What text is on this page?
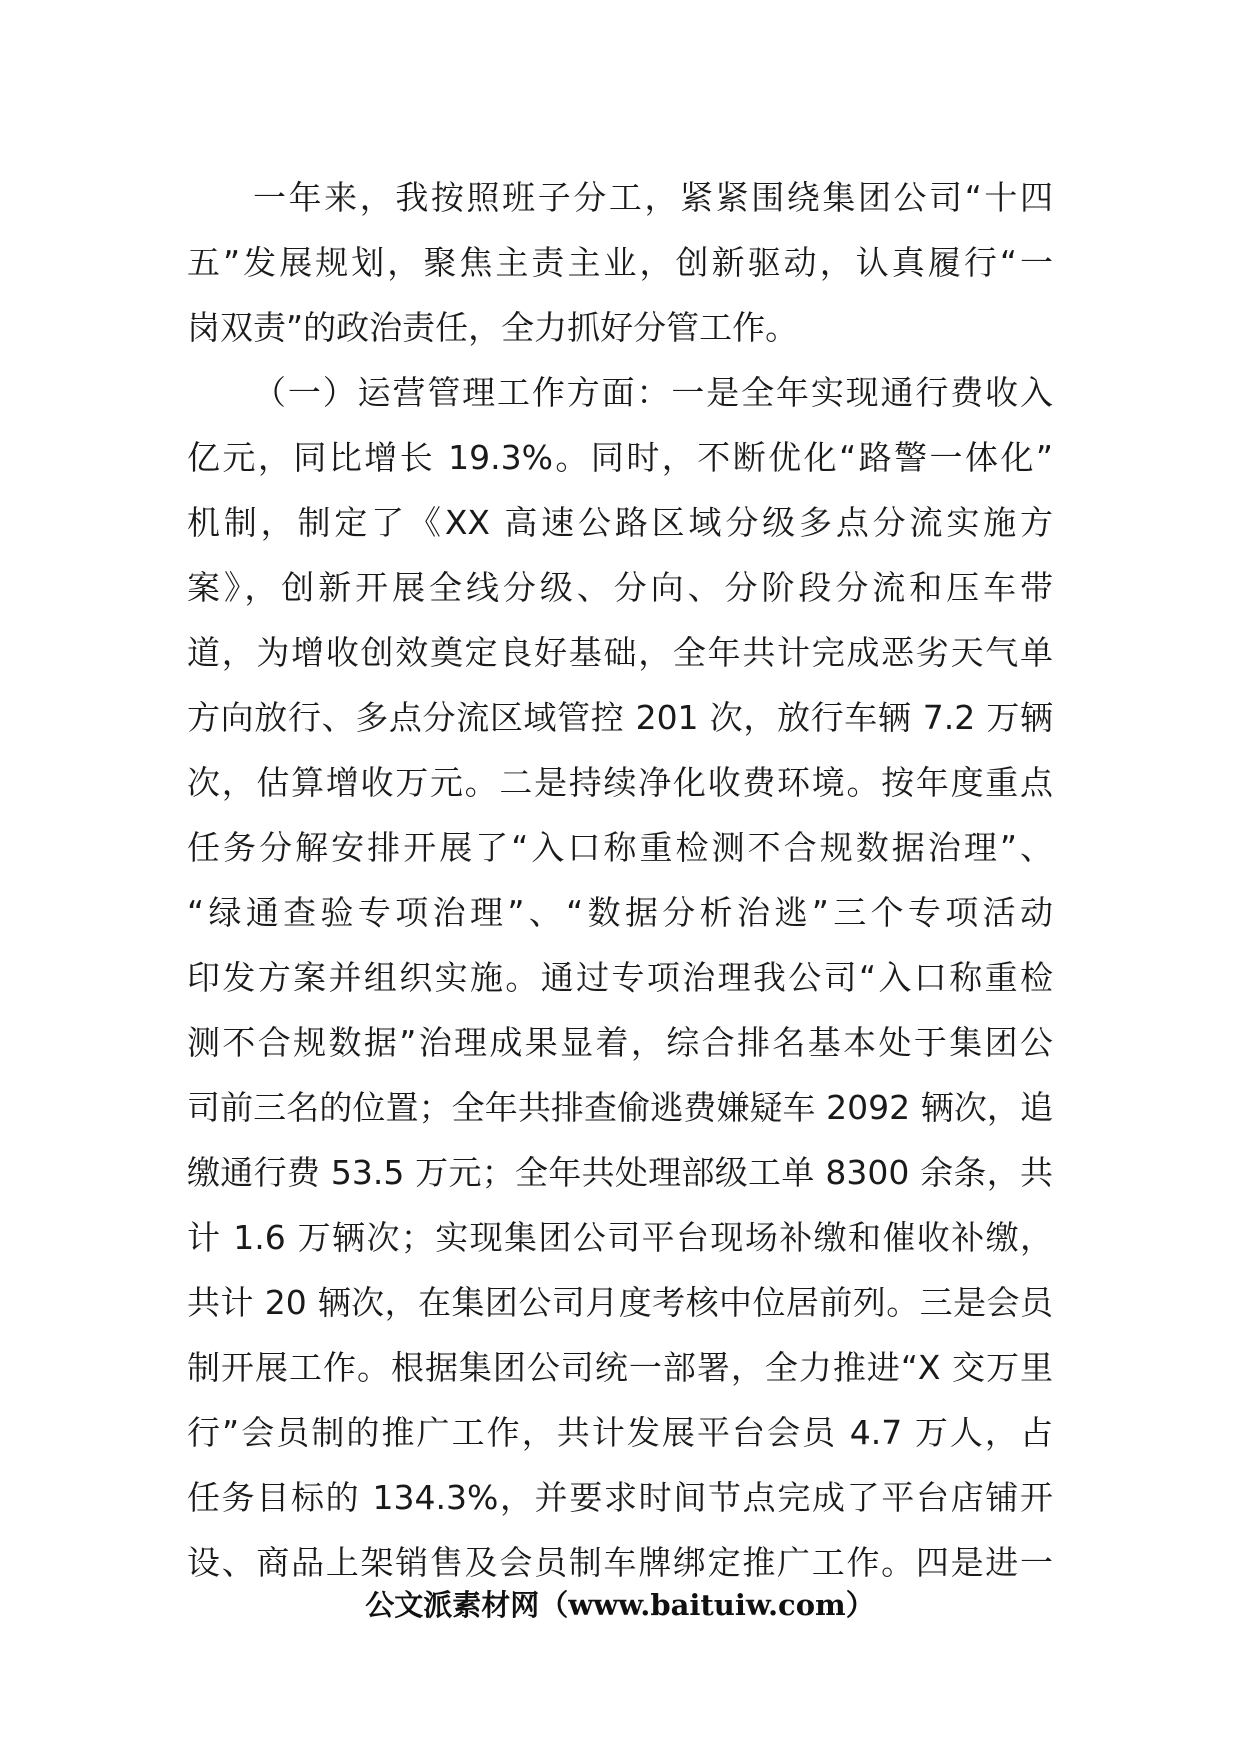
一年来，我按照班子分工，紧紧围绕集团公司“十四
五”发展规划，聚焦主责主业，创新驱动，认真履行“一
岗双责”的政治责任，全力抓好分管工作。
（一）运营管理工作方面：一是全年实现通行费收入
亿元，同比增长 19.3%。同时，不断优化“路警一体化”
机制，制定了《XX 高速公路区域分级多点分流实施方
案》，创新开展全线分级、分向、分阶段分流和压车带
道，为增收创效奠定良好基础，全年共计完成恶劣天气单
方向放行、多点分流区域管控 201 次，放行车辆 7.2 万辆
次，估算增收万元。二是持续净化收费环境。按年度重点
任务分解安排开展了“入口称重检测不合规数据治理”、
“绿通查验专项治理”、“数据分析治逃”三个专项活动
印发方案并组织实施。通过专项治理我公司“入口称重检
测不合规数据”治理成果显着，综合排名基本处于集团公
司前三名的位置；全年共排查偷逃费嫌疑车 2092 辆次，追
缴通行费 53.5 万元；全年共处理部级工单 8300 余条，共
计 1.6 万辆次；实现集团公司平台现场补缴和催收补缴，
共计 20 辆次，在集团公司月度考核中位居前列。三是会员
制开展工作。根据集团公司统一部署，全力推进“X 交万里
行”会员制的推广工作，共计发展平台会员 4.7 万人，占
任务目标的 134.3%，并要求时间节点完成了平台店铺开
设、商品上架销售及会员制车牌绑定推广工作。四是进一
公文派素材网（www.baituiw.com）
